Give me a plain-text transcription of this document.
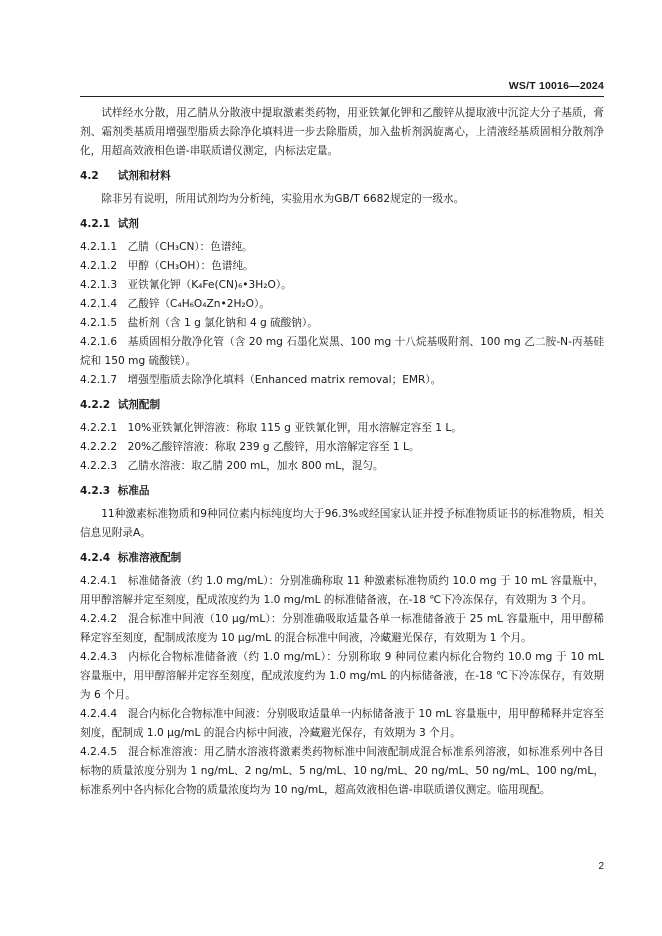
WS/T 10016—2024

试样经水分散，用乙腈从分散液中提取激素类药物，用亚铁氰化钾和乙酸锌从提取液中沉淀大分子基质，膏剂、霜剂类基质用增强型脂质去除净化填料进一步去除脂质，加入盐析剂涡旋离心，上清液经基质固相分散剂净化，用超高效液相色谱-串联质谱仪测定，内标法定量。

4.2 试剂和材料

除非另有说明，所用试剂均为分析纯，实验用水为GB/T 6682规定的一级水。

4.2.1 试剂

4.2.1.1　 乙腈（CH₃CN）：色谱纯。

4.2.1.2　 甲醇（CH₃OH）：色谱纯。

4.2.1.3　 亚铁氰化钾（K₄Fe(CN)₆•3H₂O）。

4.2.1.4　 乙酸锌（C₄H₆O₄Zn•2H₂O）。

4.2.1.5　 盐析剂（含 1 g 氯化钠和 4 g 硫酸钠）。

4.2.1.6　 基质固相分散净化管（含 20 mg 石墨化炭黑、100 mg 十八烷基吸附剂、100 mg 乙二胺-N-丙基硅烷和 150 mg 硫酸镁）。

4.2.1.7　 增强型脂质去除净化填料（Enhanced matrix removal；EMR）。

4.2.2 试剂配制

4.2.2.1　 10%亚铁氰化钾溶液：称取 115 g 亚铁氰化钾，用水溶解定容至 1 L。

4.2.2.2　 20%乙酸锌溶液：称取 239 g 乙酸锌，用水溶解定容至 1 L。

4.2.2.3　 乙腈水溶液：取乙腈 200 mL，加水 800 mL，混匀。

4.2.3 标准品

11种激素标准物质和9种同位素内标纯度均大于96.3%或经国家认证并授予标准物质证书的标准物质，相关信息见附录A。

4.2.4 标准溶液配制

4.2.4.1　 标准储备液（约 1.0 mg/mL）：分别准确称取 11 种激素标准物质约 10.0 mg 于 10 mL 容量瓶中，用甲醇溶解并定至刻度，配成浓度约为 1.0 mg/mL 的标准储备液，在-18 ℃下冷冻保存，有效期为 3 个月。

4.2.4.2　 混合标准中间液（10 μg/mL）：分别准确吸取适量各单一标准储备液于 25 mL 容量瓶中，用甲醇稀释定容至刻度，配制成浓度为 10 μg/mL 的混合标准中间液，冷藏避光保存，有效期为 1 个月。

4.2.4.3　 内标化合物标准储备液（约 1.0 mg/mL）：分别称取 9 种同位素内标化合物约 10.0 mg 于 10 mL 容量瓶中，用甲醇溶解并定容至刻度，配成浓度约为 1.0 mg/mL 的内标储备液，在-18 ℃下冷冻保存，有效期为 6 个月。

4.2.4.4　 混合内标化合物标准中间液：分别吸取适量单一内标储备液于 10 mL 容量瓶中，用甲醇稀释并定容至刻度，配制成 1.0 μg/mL 的混合内标中间液，冷藏避光保存，有效期为 3 个月。

4.2.4.5　 混合标准溶液：用乙腈水溶液将激素类药物标准中间液配制成混合标准系列溶液，如标准系列中各目标物的质量浓度分别为 1 ng/mL、2 ng/mL、5 ng/mL、10 ng/mL、20 ng/mL、50 ng/mL、100 ng/mL，标准系列中各内标化合物的质量浓度均为 10 ng/mL，超高效液相色谱-串联质谱仪测定。临用现配。

2
